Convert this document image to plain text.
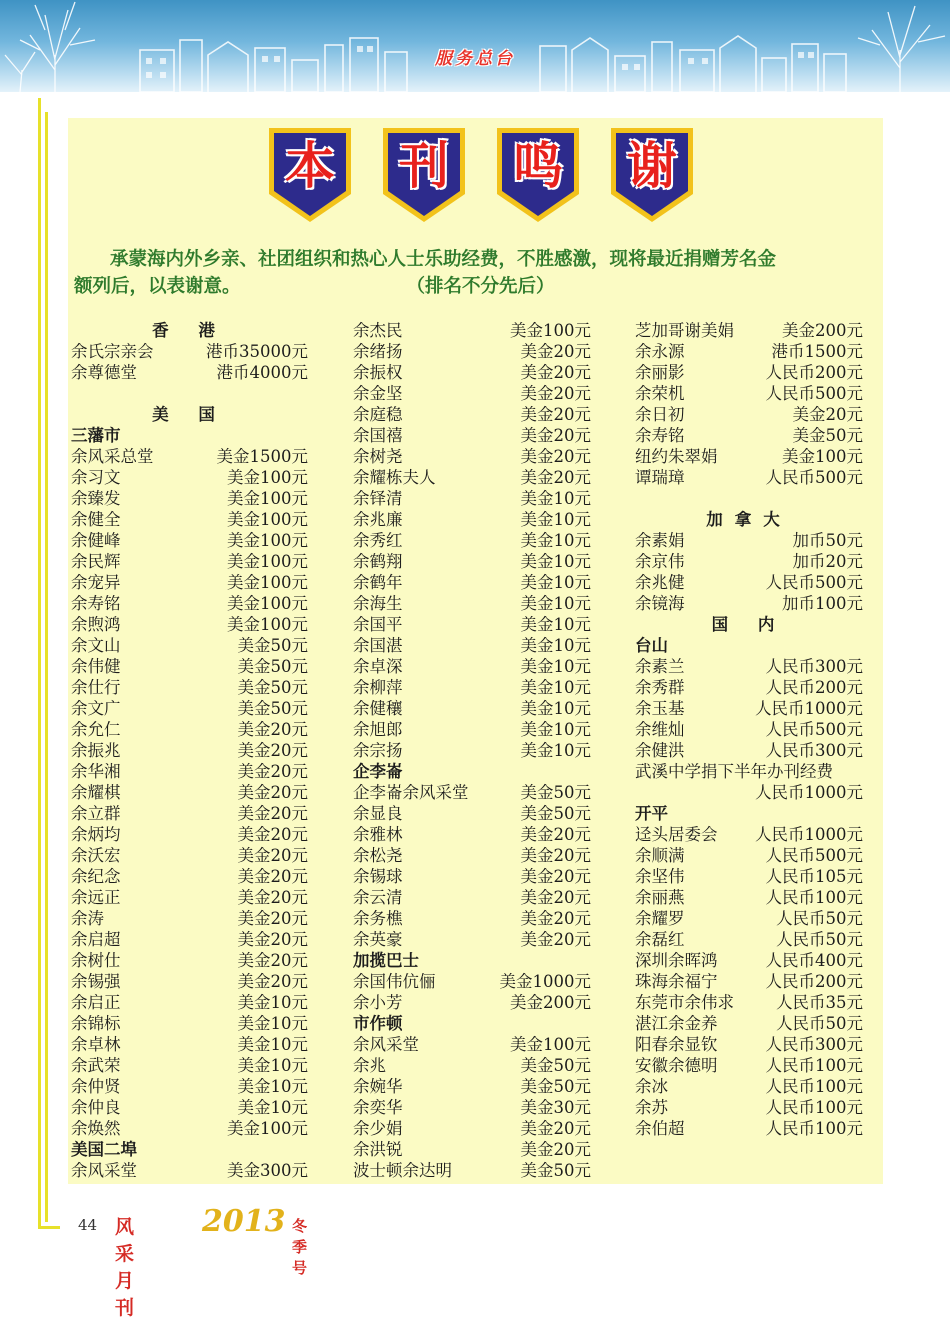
服务总台
本	刊	鸣	谢
承蒙海内外乡亲、社团组织和热心人士乐助经费，不胜感激，现将最近捐赠芳名金
额列后，以表谢意。	（排名不分先后）
香 港
余氏宗亲会	港币35000元
余尊德堂	港币4000元
美 国
三藩市
余风采总堂	美金1500元
余习文	美金100元
余臻发	美金100元
余健全	美金100元
余健峰	美金100元
余民辉	美金100元
余宠异	美金100元
余寿铭	美金100元
余煦鸿	美金100元
余文山	美金50元
余伟健	美金50元
余仕行	美金50元
余文广	美金50元
余允仁	美金20元
余振兆	美金20元
余华湘	美金20元
余耀棋	美金20元
余立群	美金20元
余炳均	美金20元
余沃宏	美金20元
余纪念	美金20元
余远正	美金20元
余涛	美金20元
余启超	美金20元
余树仕	美金20元
余锡强	美金20元
余启正	美金10元
余锦标	美金10元
余卓林	美金10元
余武荣	美金10元
余仲贤	美金10元
余仲良	美金10元
余焕然	美金100元
美国二埠
余风采堂	美金300元
余杰民	美金100元
余绪扬	美金20元
余振权	美金20元
余金坚	美金20元
余庭稳	美金20元
余国禧	美金20元
余树尧	美金20元
余耀栋夫人	美金20元
余铎清	美金10元
余兆廉	美金10元
余秀红	美金10元
余鹤翔	美金10元
余鹤年	美金10元
余海生	美金10元
余国平	美金10元
余国湛	美金10元
余卓深	美金10元
余柳萍	美金10元
余健穰	美金10元
余旭郎	美金10元
余宗扬	美金10元
企李崙
企李崙余风采堂	美金50元
余显良	美金50元
余雅林	美金20元
余松尧	美金20元
余锡球	美金20元
余云清	美金20元
余务樵	美金20元
余英豪	美金20元
加揽巴士
余国伟伉俪	美金1000元
余小芳	美金200元
市作顿
余风采堂	美金100元
余兆	美金50元
余婉华	美金50元
余奕华	美金30元
余少娟	美金20元
余洪锐	美金20元
波士顿余达明	美金50元
芝加哥谢美娟	美金200元
余永源	港币1500元
余丽影	人民币200元
余荣机	人民币500元
余日初	美金20元
余寿铭	美金50元
纽约朱翠娟	美金100元
谭瑞璋	人民币500元
加拿大
余素娟	加币50元
余京伟	加币20元
余兆健	人民币500元
余镜海	加币100元
国 内
台山
余素兰	人民币300元
余秀群	人民币200元
余玉基	人民币1000元
余维灿	人民币500元
余健洪	人民币300元
武溪中学捐下半年办刊经费
人民币1000元
开平
迳头居委会 人民币1000元
余顺满	人民币500元
余坚伟	人民币105元
余丽燕	人民币100元
余耀罗	人民币50元
余磊红	人民币50元
深圳余晖鸿	人民币400元
珠海余福宁	人民币200元
东莞市余伟求	人民币35元
湛江余金养	人民币50元
阳春余显钦	人民币300元
安徽余德明	人民币100元
余冰	人民币100元
余苏	人民币100元
余伯超	人民币100元
44 风采月刊
2013 冬季号
